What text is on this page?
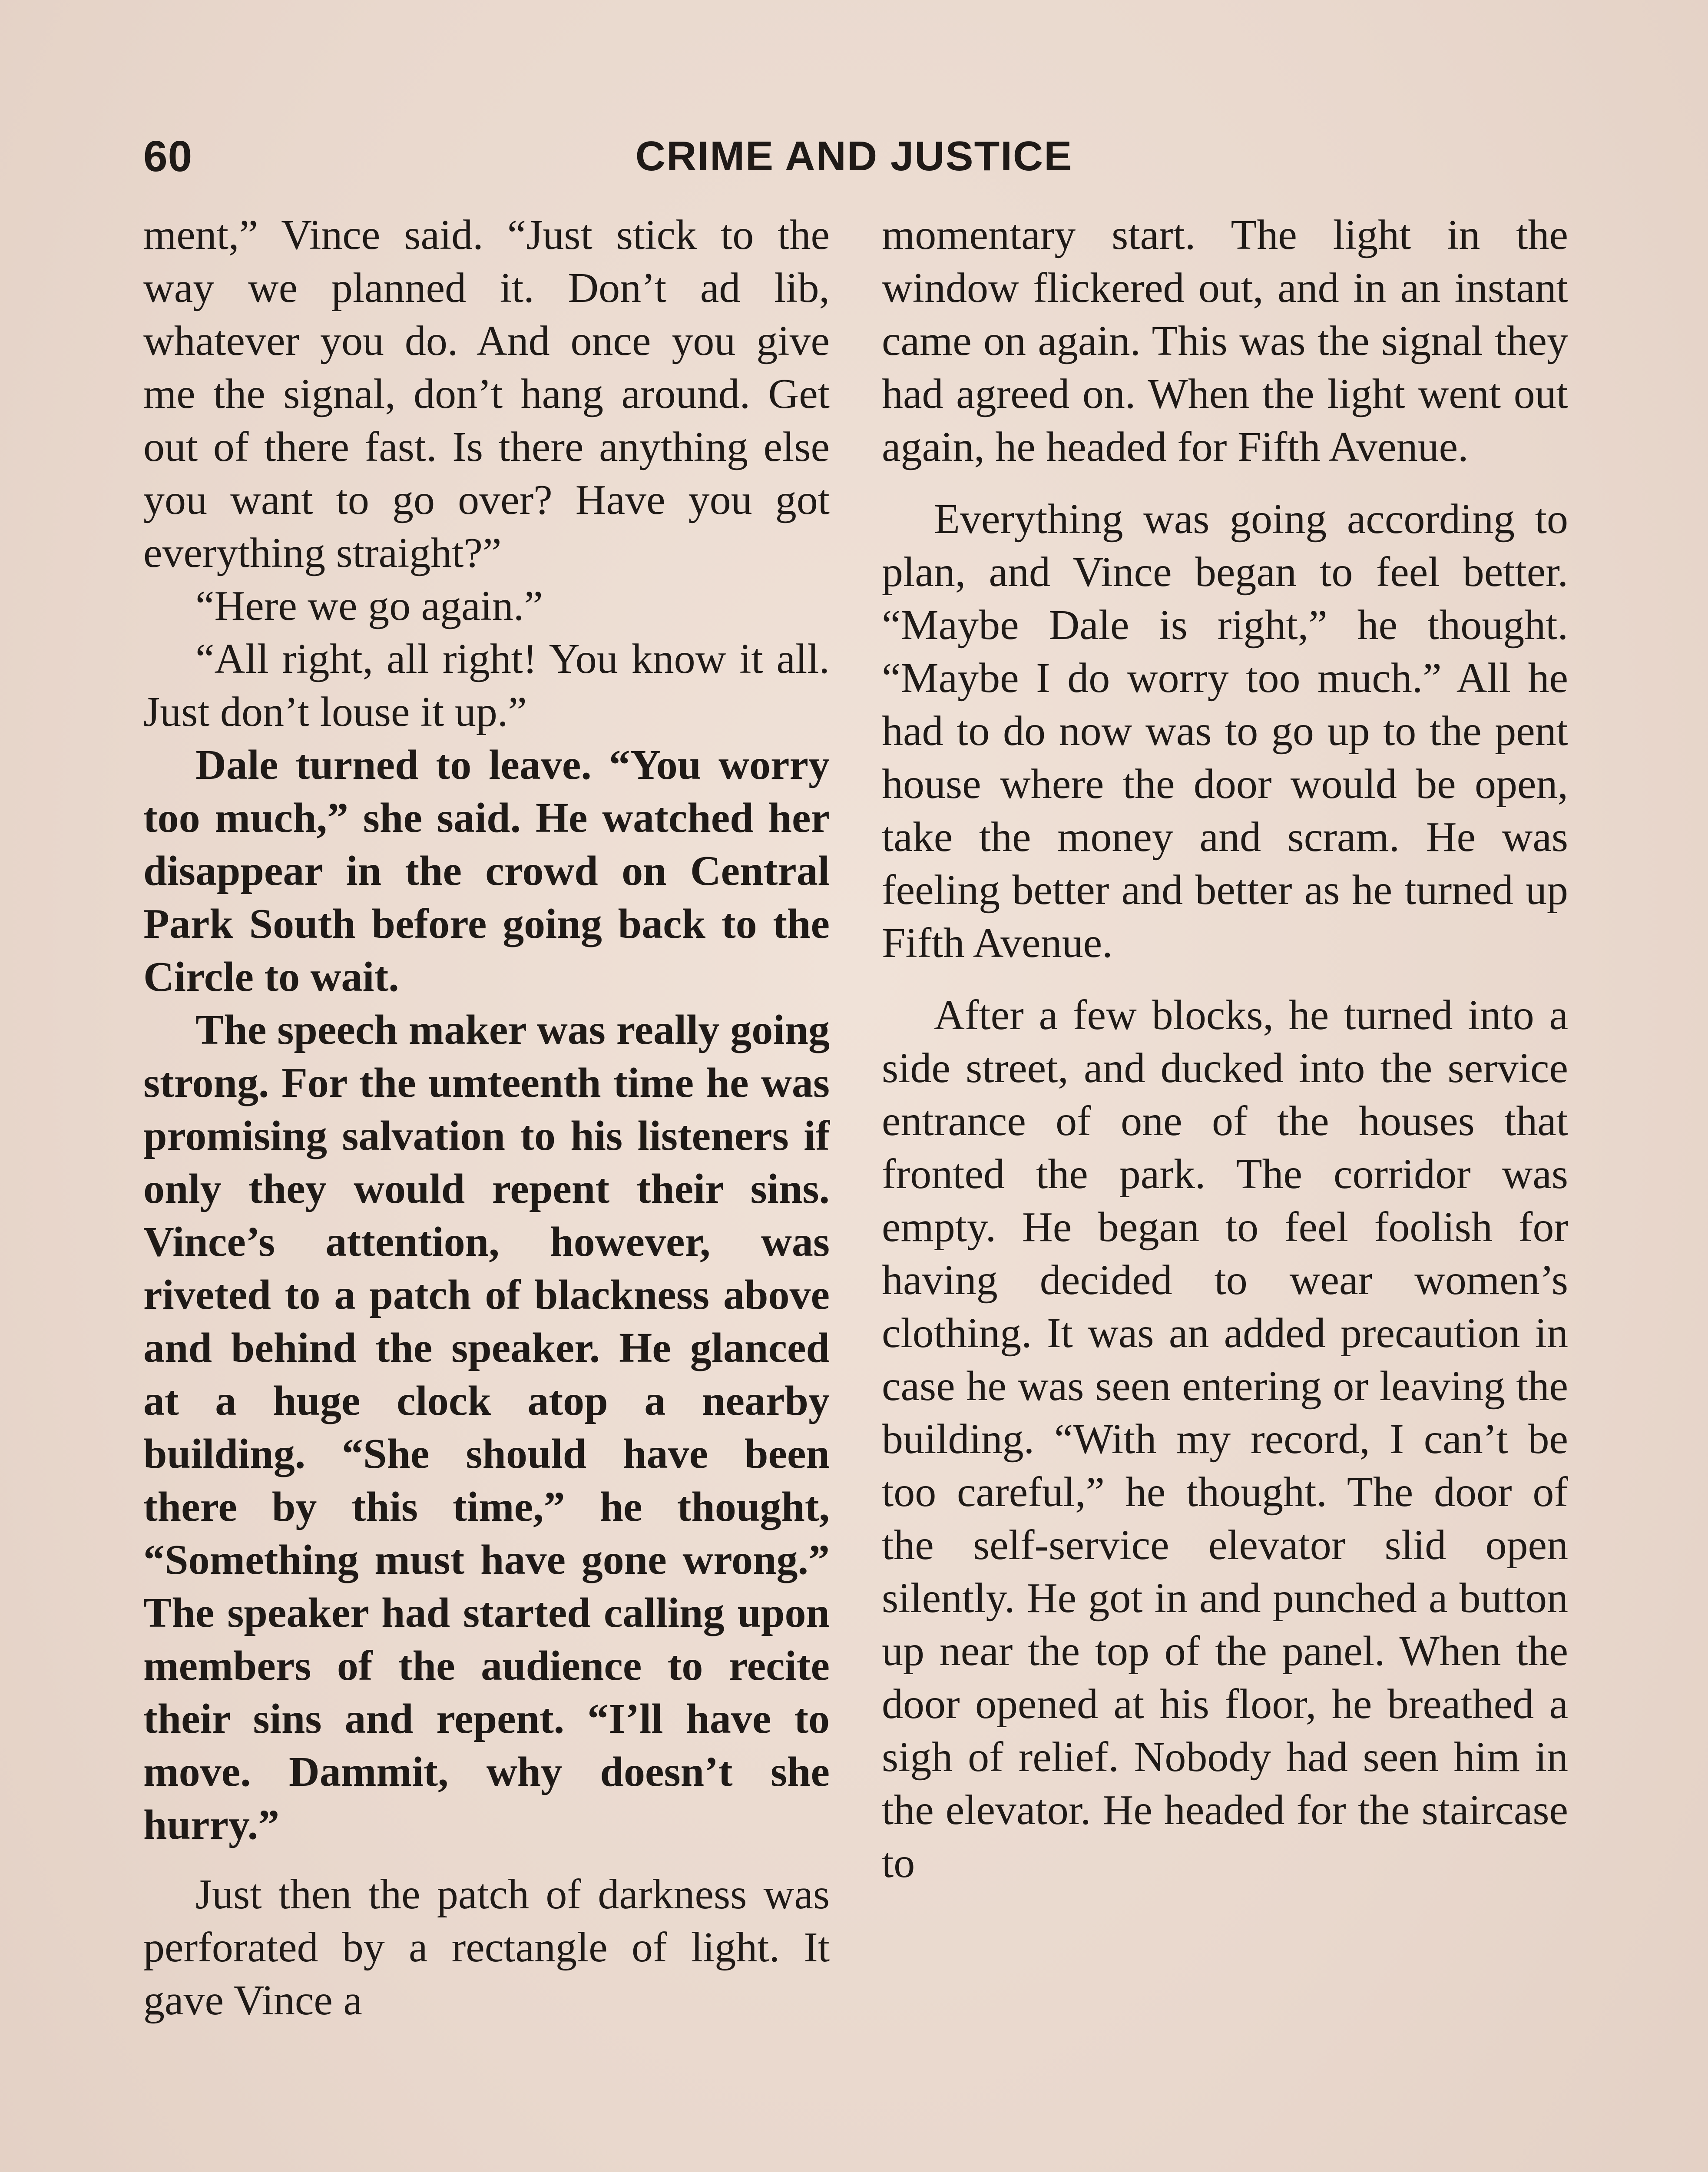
60	CRIME AND JUSTICE

ment,” Vince said. “Just stick to the way we planned it. Don’t ad lib, whatever you do. And once you give me the signal, don’t hang around. Get out of there fast. Is there anything else you want to go over? Have you got everything straight?”

“Here we go again.”

“All right, all right! You know it all. Just don’t louse it up.”

Dale turned to leave. “You worry too much,” she said. He watched her disappear in the crowd on Central Park South before going back to the Circle to wait.

The speech maker was really going strong. For the umteenth time he was promising salvation to his listeners if only they would repent their sins. Vince’s attention, however, was riveted to a patch of blackness above and behind the speaker. He glanced at a huge clock atop a nearby building. “She should have been there by this time,” he thought, “Something must have gone wrong.” The speaker had started calling upon members of the audience to recite their sins and repent. “I’ll have to move. Dammit, why doesn’t she hurry.”

Just then the patch of darkness was perforated by a rectangle of light. It gave Vince a

momentary start. The light in the window flickered out, and in an instant came on again. This was the signal they had agreed on. When the light went out again, he headed for Fifth Avenue.

Everything was going according to plan, and Vince began to feel better. “Maybe Dale is right,” he thought. “Maybe I do worry too much.” All he had to do now was to go up to the pent house where the door would be open, take the money and scram. He was feeling better and better as he turned up Fifth Avenue.

After a few blocks, he turned into a side street, and ducked into the service entrance of one of the houses that fronted the park. The corridor was empty. He began to feel foolish for having decided to wear women’s clothing. It was an added precaution in case he was seen entering or leaving the building. “With my record, I can’t be too careful,” he thought. The door of the self-service elevator slid open silently. He got in and punched a button up near the top of the panel. When the door opened at his floor, he breathed a sigh of relief. Nobody had seen him in the elevator. He headed for the staircase to
